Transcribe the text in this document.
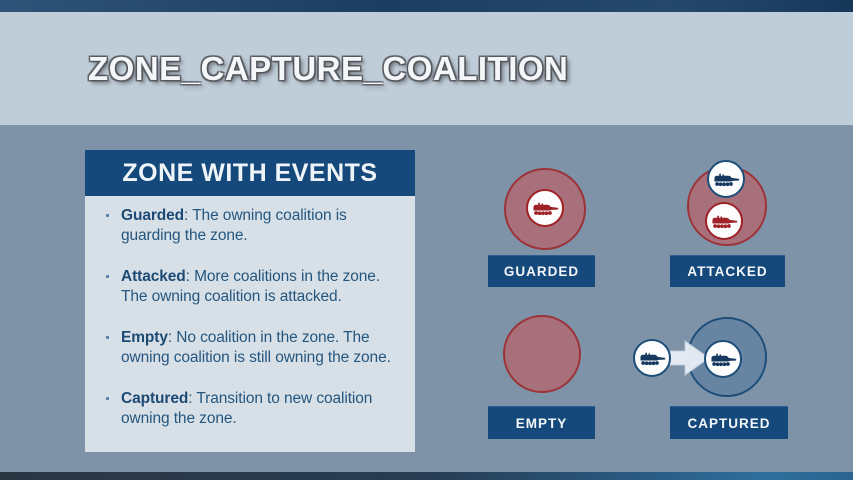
ZONE_CAPTURE_COALITION
ZONE WITH EVENTS
Guarded: The owning coalition is guarding the zone.
Attacked: More coalitions in the zone. The owning coalition is attacked.
Empty: No coalition in the zone. The owning coalition is still owning the zone.
Captured: Transition to new coalition owning the zone.
GUARDED	ATTACKED
EMPTY	CAPTURED
